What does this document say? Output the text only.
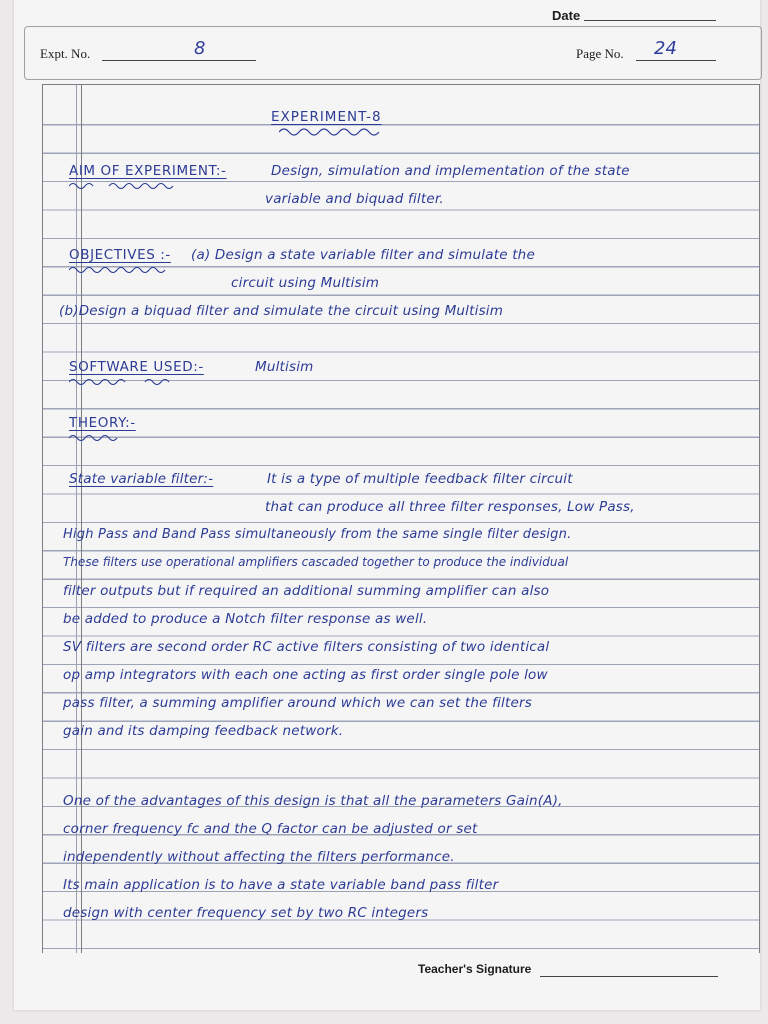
Date
Expt. No.	8	Page No. 24
EXPERIMENT-8
AIM OF EXPERIMENT:-	Design, simulation and implementation of the state
variable and biquad filter.
OBJECTIVES :- (a) Design a state variable filter and simulate the
circuit using Multisim
(b)Design a biquad filter and simulate the circuit using Multisim
SOFTWARE USED:-	Multisim
THEORY:-
State variable filter:-	It is a type of multiple feedback filter circuit
that can produce all three filter responses, Low Pass,
High Pass and Band Pass simultaneously from the same single filter design.
These filters use operational amplifiers cascaded together to produce the individual
filter outputs but if required an additional summing amplifier can also
be added to produce a Notch filter response as well.
SV filters are second order RC active filters consisting of two identical
op amp integrators with each one acting as first order single pole low
pass filter, a summing amplifier around which we can set the filters
gain and its damping feedback network.
One of the advantages of this design is that all the parameters Gain(A),
corner frequency fc and the Q factor can be adjusted or set
independently without affecting the filters performance.
Its main application is to have a state variable band pass filter
design with center frequency set by two RC integers
Teacher's Signature
